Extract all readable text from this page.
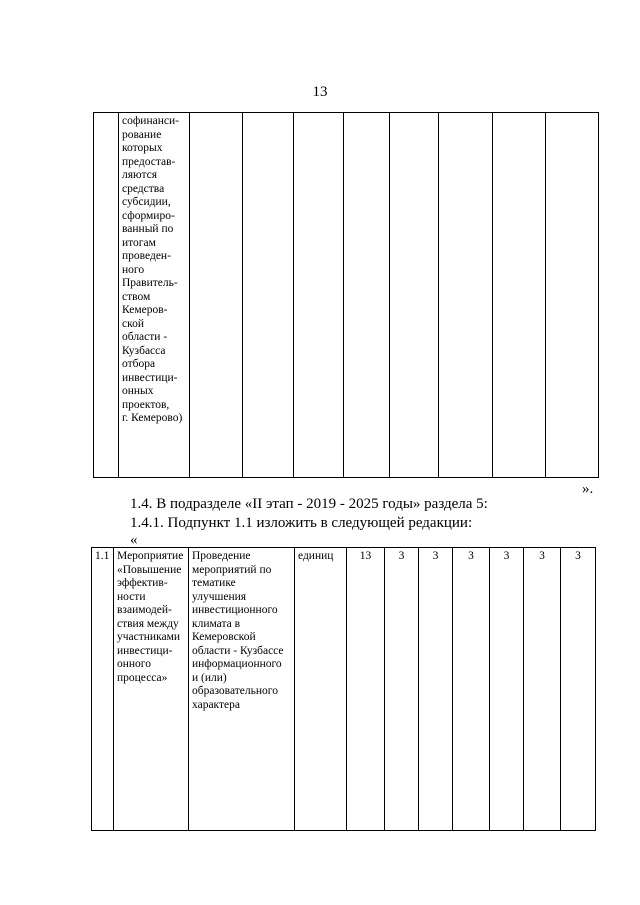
13
	софинанси-
рование
которых
предостав-
ляются
средства
субсидии,
сформиро-
ванный по
итогам
проведен-
ного
Правитель-
ством
Кемеров-
ской
области -
Кузбасса
отбора
инвестици-
онных
проектов,
г. Кемерово)								
».
1.4. В подразделе «II этап - 2019 - 2025 годы» раздела 5:
1.4.1. Подпункт 1.1 изложить в следующей редакции:
«
1.1	Мероприятие
«Повышение
эффектив-
ности
взаимодей-
ствия между
участниками
инвестици-
онного
процесса»	Проведение
мероприятий по
тематике
улучшения
инвестиционного
климата в
Кемеровской
области - Кузбассе
информационного
и (или)
образовательного
характера	единиц	13	3	3	3	3	3	3
